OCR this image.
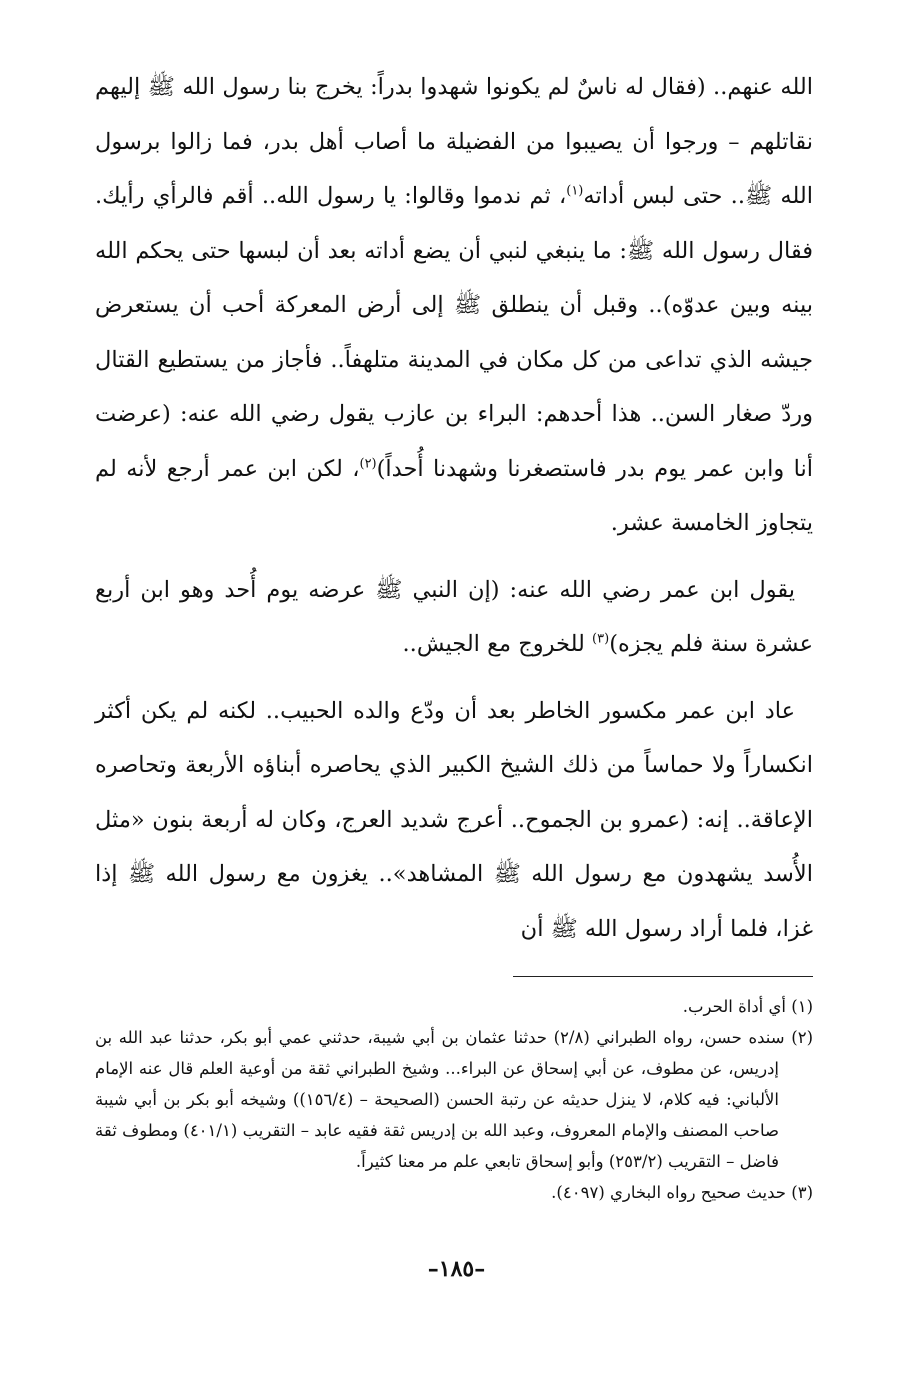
الله عنهم.. (فقال له ناسٌ لم يكونوا شهدوا بدراً: يخرج بنا رسول الله ﷺ إليهم نقاتلهم – ورجوا أن يصيبوا من الفضيلة ما أصاب أهل بدر، فما زالوا برسول الله ﷺ.. حتى لبس أداته$^{(١)}$، ثم ندموا وقالوا: يا رسول الله.. أقم فالرأي رأيك. فقال رسول الله ﷺ: ما ينبغي لنبي أن يضع أداته بعد أن لبسها حتى يحكم الله بينه وبين عدوّه).. وقبل أن ينطلق ﷺ إلى أرض المعركة أحب أن يستعرض جيشه الذي تداعى من كل مكان في المدينة متلهفاً.. فأجاز من يستطيع القتال وردّ صغار السن.. هذا أحدهم: البراء بن عازب يقول رضي الله عنه: (عرضت أنا وابن عمر يوم بدر فاستصغرنا وشهدنا أُحداً)$^{(٢)}$، لكن ابن عمر أرجع لأنه لم يتجاوز الخامسة عشر.

يقول ابن عمر رضي الله عنه: (إن النبي ﷺ عرضه يوم أُحد وهو ابن أربع عشرة سنة فلم يجزه)$^{(٣)}$ للخروج مع الجيش..

عاد ابن عمر مكسور الخاطر بعد أن ودّع والده الحبيب.. لكنه لم يكن أكثر انكساراً ولا حماساً من ذلك الشيخ الكبير الذي يحاصره أبناؤه الأربعة وتحاصره الإعاقة.. إنه: (عمرو بن الجموح.. أعرج شديد العرج، وكان له أربعة بنون «مثل الأُسد يشهدون مع رسول الله ﷺ المشاهد».. يغزون مع رسول الله ﷺ إذا غزا، فلما أراد رسول الله ﷺ أن

(١) أي أداة الحرب.

(٢) سنده حسن، رواه الطبراني (٢/٨) حدثنا عثمان بن أبي شيبة، حدثني عمي أبو بكر، حدثنا عبد الله بن إدريس، عن مطوف، عن أبي إسحاق عن البراء... وشيخ الطبراني ثقة من أوعية العلم قال عنه الإمام الألباني: فيه كلام، لا ينزل حديثه عن رتبة الحسن (الصحيحة – (١٥٦/٤)) وشيخه أبو بكر بن أبي شيبة صاحب المصنف والإمام المعروف، وعبد الله بن إدريس ثقة فقيه عابد – التقريب (٤٠١/١) ومطوف ثقة فاضل – التقريب (٢٥٣/٢) وأبو إسحاق تابعي علم مر معنا كثيراً.

(٣) حديث صحيح رواه البخاري (٤٠٩٧).

–١٨٥–
